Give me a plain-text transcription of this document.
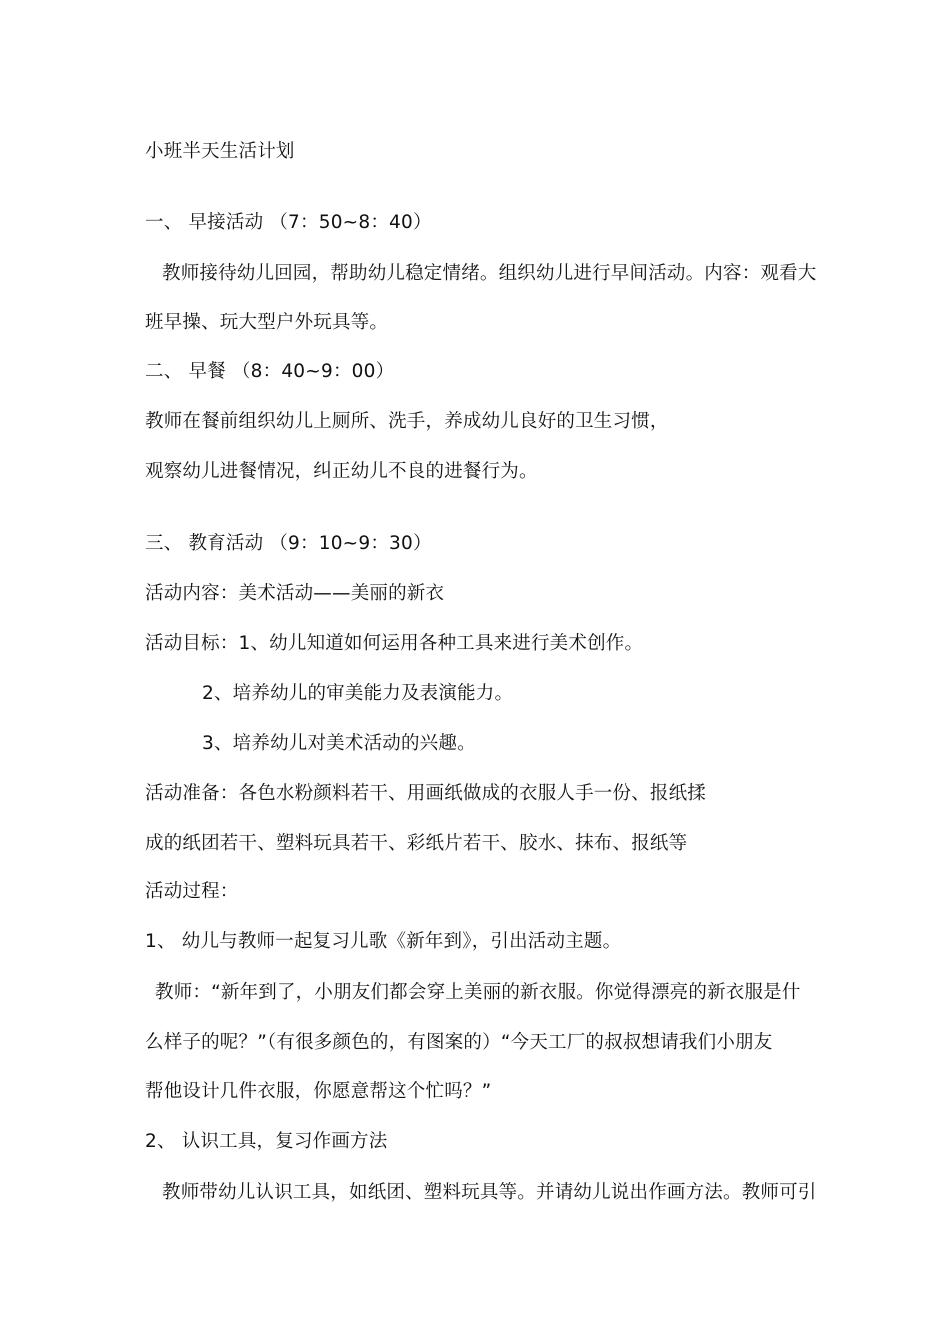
小班半天生活计划
一、 早接活动 （7：50~8：40）
教师接待幼儿回园，帮助幼儿稳定情绪。组织幼儿进行早间活动。内容：观看大
班早操、玩大型户外玩具等。
二、 早餐 （8：40~9：00）
教师在餐前组织幼儿上厕所、洗手，养成幼儿良好的卫生习惯，
观察幼儿进餐情况，纠正幼儿不良的进餐行为。
三、 教育活动 （9：10~9：30）
活动内容：美术活动——美丽的新衣
活动目标：1、幼儿知道如何运用各种工具来进行美术创作。
2、培养幼儿的审美能力及表演能力。
3、培养幼儿对美术活动的兴趣。
活动准备：各色水粉颜料若干、用画纸做成的衣服人手一份、报纸揉
成的纸团若干、塑料玩具若干、彩纸片若干、胶水、抹布、报纸等
活动过程：
1、 幼儿与教师一起复习儿歌《新年到》，引出活动主题。
教师：“新年到了，小朋友们都会穿上美丽的新衣服。你觉得漂亮的新衣服是什
么样子的呢？”（有很多颜色的，有图案的）“今天工厂的叔叔想请我们小朋友
帮他设计几件衣服，你愿意帮这个忙吗？”
2、 认识工具，复习作画方法
教师带幼儿认识工具，如纸团、塑料玩具等。并请幼儿说出作画方法。教师可引
